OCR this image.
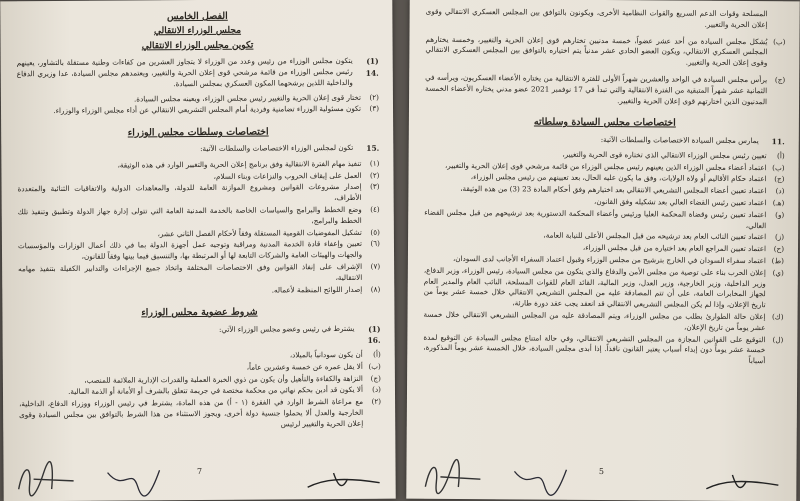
الفصل الخامس

مجلس الوزراء الانتقالي

تكوين مجلس الوزراء الانتقالي

(1) .14
يتكون مجلس الوزراء من رئيس وعدد من الوزراء لا يتجاوز العشرين من كفاءات وطنية مستقلة بالتشاور، يعينهم رئيس مجلس الوزراء من قائمة مرشحي قوى إعلان الحرية والتغيير، ويعتمدهم مجلس السيادة، عدا وزيري الدفاع والداخلية اللذين يرشحهما المكون العسكري بمجلس السيادة.
(٢)
تختار قوى إعلان الحرية والتغيير رئيس مجلس الوزراء، ويعينه مجلس السيادة.
(٣)
تكون مسئولية الوزراء تضامنية وفردية أمام المجلس التشريعي الانتقالي عن أداء مجلس الوزراء والوزراء.

اختصاصات وسلطات مجلس الوزراء

.15
تكون لمجلس الوزراء الاختصاصات والسلطات الآتية:
(١)
تنفيذ مهام الفترة الانتقالية وفق برنامج إعلان الحرية والتغيير الوارد في هذه الوثيقة،
(٢)
العمل على إيقاف الحروب والنزاعات وبناء السلام،
(٣)
إصدار مشروعات القوانين ومشروع الموازنة العامة للدولة، والمعاهدات الدولية والاتفاقيات الثنائية والمتعددة الأطراف،
(٤)
وضع الخطط والبرامج والسياسات الخاصة بالخدمة المدنية العامة التي تتولى إدارة جهاز الدولة وتطبيق وتنفيذ تلك الخطط والبرامج،
(٥)
تشكيل المفوضيات القومية المستقلة وفقاً لأحكام الفصل الثاني عشر،
(٦)
تعيين وإعفاء قادة الخدمة المدنية ومراقبة وتوجيه عمل أجهزة الدولة بما في ذلك أعمال الوزارات والمؤسسات والجهات والهيئات العامة والشركات التابعة لها أو المرتبطة بها، والتنسيق فيما بينها وفقاً للقانون،
(٧)
الإشراف على إنفاذ القوانين وفق الاختصاصات المختلفة واتخاذ جميع الإجراءات والتدابير الكفيلة بتنفيذ مهامه الانتقالية،
(٨)
إصدار اللوائح المنظمة لأعماله.

شروط عضوية مجلس الوزراء

(1) .16
يشترط في رئيس وعضو مجلس الوزراء الآتي:
(أ)
أن يكون سودانياً بالميلاد،
(ب)
ألا يقل عمره عن خمسة وعشرين عاماً،
(ج)
النزاهة والكفاءة والتأهيل وأن يكون من ذوي الخبرة العملية والقدرات الإدارية الملائمة للمنصب،
(د)
ألا يكون قد أدين بحكم نهائي من محكمة مختصة في جريمة تتعلق بالشرف أو الأمانة أو الذمة المالية.
(٢)
مع مراعاة الشرط الوارد في الفقرة (١ - أ) من هذه المادة، يشترط في رئيس الوزراء ووزراء الدفاع، الداخلية، الخارجية والعدل ألا يحملوا جنسية دولة أخرى، ويجوز الاستثناء من هذا الشرط بالتوافق بين مجلس السيادة وقوى إعلان الحرية والتغيير لرئيس
7
المسلحة وقوات الدعم السريع والقوات النظامية الأخرى، ويكونون بالتوافق بين المجلس العسكري الانتقالي وقوى إعلان الحرية والتغيير.
(ب)
يُشكل مجلس السيادة من أحد عشر عضواً، خمسة مدنيين تختارهم قوى إعلان الحرية والتغيير، وخمسة يختارهم المجلس العسكري الانتقالي، ويكون العضو الحادي عشر مدنياً يتم اختياره بالتوافق بين المجلس العسكري الانتقالي وقوى إعلان الحرية والتغيير.
(ج)
يرأس مجلس السيادة في الواحد والعشرين شهراً الأولى للفترة الانتقالية من يختاره الأعضاء العسكريون، ويرأسه في الثمانية عشر شهراً المتبقية من الفترة الانتقالية والتي تبدأ في 17 نوفمبر 2021 عضو مدني يختاره الأعضاء الخمسة المدنيون الذين اختارتهم قوى إعلان الحرية والتغيير.

اختصاصات مجلس السيادة وسلطاته

.11
يمارس مجلس السيادة الاختصاصات والسلطات الآتية:
(أ)
تعيين رئيس مجلس الوزراء الانتقالي الذي تختاره قوى الحرية والتغيير،
(ب)
اعتماد أعضاء مجلس الوزراء الذين يعينهم رئيس مجلس الوزراء من قائمة مرشحي قوى إعلان الحرية والتغيير،
(ج)
اعتماد حكام الأقاليم أو ولاة الولايات، وفق ما يكون عليه الحال، بعد تعيينهم من رئيس مجلس الوزراء،
(د)
اعتماد تعيين أعضاء المجلس التشريعي الانتقالي بعد اختيارهم وفق أحكام المادة 23 (3) من هذه الوثيقة،
(هـ)
اعتماد تعيين رئيس القضاء العالي بعد تشكيله وفق القانون،
(و)
اعتماد تعيين رئيس وقضاة المحكمة العليا ورئيس وأعضاء المحكمة الدستورية بعد ترشيحهم من قبل مجلس القضاء العالي،
(ز)
اعتماد تعيين النائب العام بعد ترشيحه من قبل المجلس الأعلى للنيابة العامة،
(ح)
اعتماد تعيين المراجع العام بعد اختياره من قبل مجلس الوزراء،
(ط)
اعتماد سفراء السودان في الخارج بترشيح من مجلس الوزراء وقبول اعتماد السفراء الأجانب لدى السودان،
(ي)
إعلان الحرب بناء على توصية من مجلس الأمن والدفاع والذي يتكون من مجلس السيادة، رئيس الوزراء، وزير الدفاع، وزير الداخلية، وزير الخارجية، وزير العدل، وزير المالية، القائد العام للقوات المسلحة، النائب العام والمدير العام لجهاز المخابرات العامة، على أن تتم المصادقة عليه من المجلس التشريعي الانتقالي خلال خمسة عشر يوماً من تاريخ الإعلان، وإذا لم يكن المجلس التشريعي الانتقالي قد انعقد يجب عقد دورة طارئة،
(ك)
إعلان حالة الطوارئ بطلب من مجلس الوزراء، ويتم المصادقة عليه من المجلس التشريعي الانتقالي خلال خمسة عشر يوماً من تاريخ الإعلان،
(ل)
التوقيع على القوانين المجازة من المجلس التشريعي الانتقالي، وفي حالة امتناع مجلس السيادة عن التوقيع لمدة خمسة عشر يوماً دون إبداء أسباب يعتبر القانون نافذاً. إذا أبدى مجلس السيادة، خلال الخمسة عشر يوماً المذكورة، أسباباً
5
